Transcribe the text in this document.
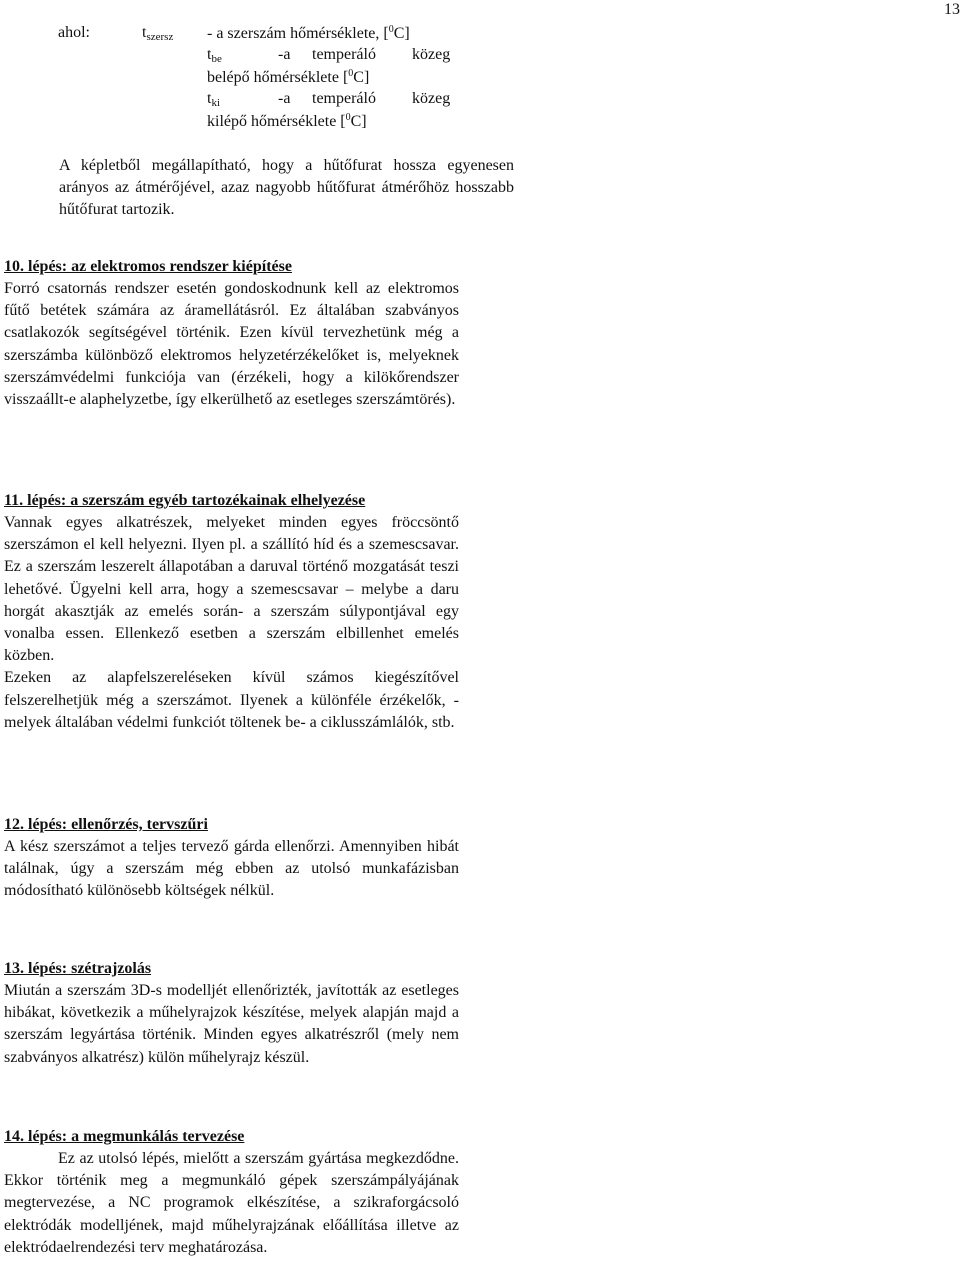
13
ahol:	$t_{szersz}$ - a szerszám hőmérséklete, [$^0$C]
$t_{be}$	-a temperáló közeg
belépő hőmérséklete [$^0$C]
$t_{ki}$	-a temperáló közeg
kilépő hőmérséklete [$^0$C]

A képletből megállapítható, hogy a hűtőfurat hossza egyenesen arányos az átmérőjével, azaz nagyobb hűtőfurat átmérőhöz hosszabb hűtőfurat tartozik.

10. lépés: az elektromos rendszer kiépítése

Forró csatornás rendszer esetén gondoskodnunk kell az elektromos fűtő betétek számára az áramellátásról. Ez általában szabványos csatlakozók segítségével történik. Ezen kívül tervezhetünk még a szerszámba különböző elektromos helyzetérzékelőket is, melyeknek szerszámvédelmi funkciója van (érzékeli, hogy a kilökőrendszer visszaállt-e alaphelyzetbe, így elkerülhető az esetleges szerszámtörés).

11. lépés: a szerszám egyéb tartozékainak elhelyezése

Vannak egyes alkatrészek, melyeket minden egyes fröccsöntő szerszámon el kell helyezni. Ilyen pl. a szállító híd és a szemescsavar. Ez a szerszám leszerelt állapotában a daruval történő mozgatását teszi lehetővé. Ügyelni kell arra, hogy a szemescsavar – melybe a daru horgát akasztják az emelés során- a szerszám súlypontjával egy vonalba essen. Ellenkező esetben a szerszám elbillenhet emelés közben.

Ezeken az alapfelszereléseken kívül számos kiegészítővel felszerelhetjük még a szerszámot. Ilyenek a különféle érzékelők, -melyek általában védelmi funkciót töltenek be- a ciklusszámlálók, stb.

12. lépés: ellenőrzés, tervszűri

A kész szerszámot a teljes tervező gárda ellenőrzi. Amennyiben hibát találnak, úgy a szerszám még ebben az utolsó munkafázisban módosítható különösebb költségek nélkül.

13. lépés: szétrajzolás

Miután a szerszám 3D-s modelljét ellenőrizték, javították az esetleges hibákat, következik a műhelyrajzok készítése, melyek alapján majd a szerszám legyártása történik. Minden egyes alkatrészről (mely nem szabványos alkatrész) külön műhelyrajz készül.

14. lépés: a megmunkálás tervezése

Ez az utolsó lépés, mielőtt a szerszám gyártása megkezdődne. Ekkor történik meg a megmunkáló gépek szerszámpályájának megtervezése, a NC programok elkészítése, a szikraforgácsoló elektródák modelljének, majd műhelyrajzának előállítása illetve az elektródaelrendezési terv meghatározása.
